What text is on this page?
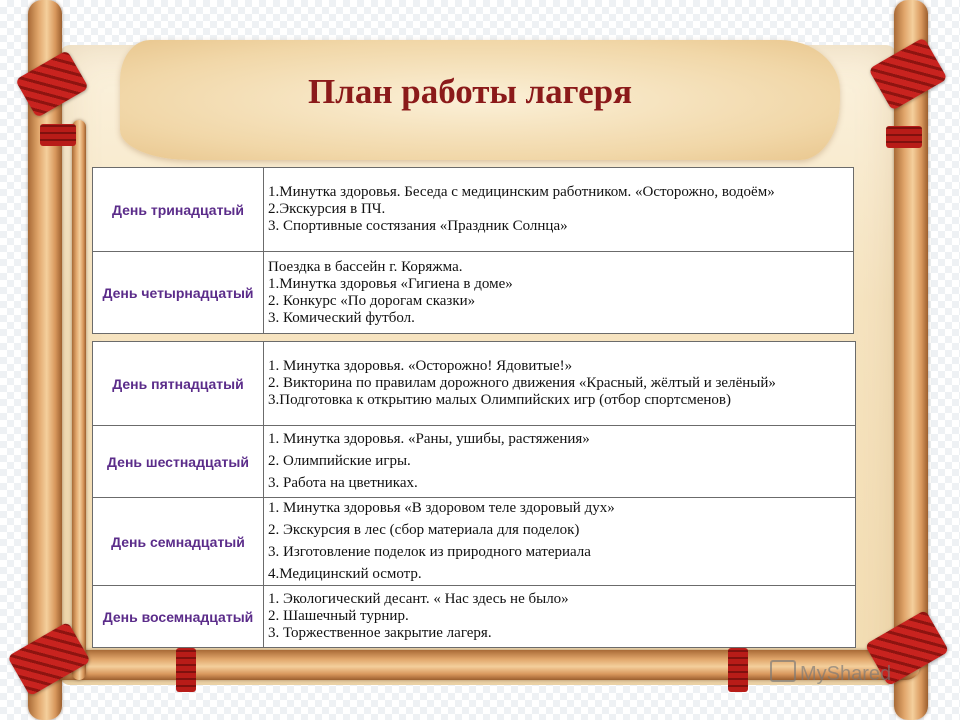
План работы лагеря
День тринадцатый	1.Минутка здоровья. Беседа с медицинским работником. «Осторожно, водоём»
2.Экскурсия в ПЧ.
3. Спортивные состязания «Праздник Солнца»

День четырнадцатый	Поездка в бассейн г. Коряжма.
1.Минутка здоровья «Гигиена в доме»
2. Конкурс «По дорогам сказки»
3. Комический футбол.
День пятнадцатый	1. Минутка здоровья. «Осторожно! Ядовитые!»
2. Викторина по правилам дорожного движения «Красный, жёлтый и зелёный»
3.Подготовка к открытию малых Олимпийских игр (отбор спортсменов)

День шестнадцатый	1. Минутка здоровья. «Раны, ушибы, растяжения»
2. Олимпийские игры.
3. Работа на цветниках.

День семнадцатый	1. Минутка здоровья «В здоровом теле здоровый дух»
2. Экскурсия в лес (сбор материала для поделок)
3. Изготовление поделок из природного материала
4.Медицинский осмотр.

День восемнадцатый	1. Экологический десант. « Нас здесь не было»
2. Шашечный турнир.
3. Торжественное закрытие лагеря.
MyShared
